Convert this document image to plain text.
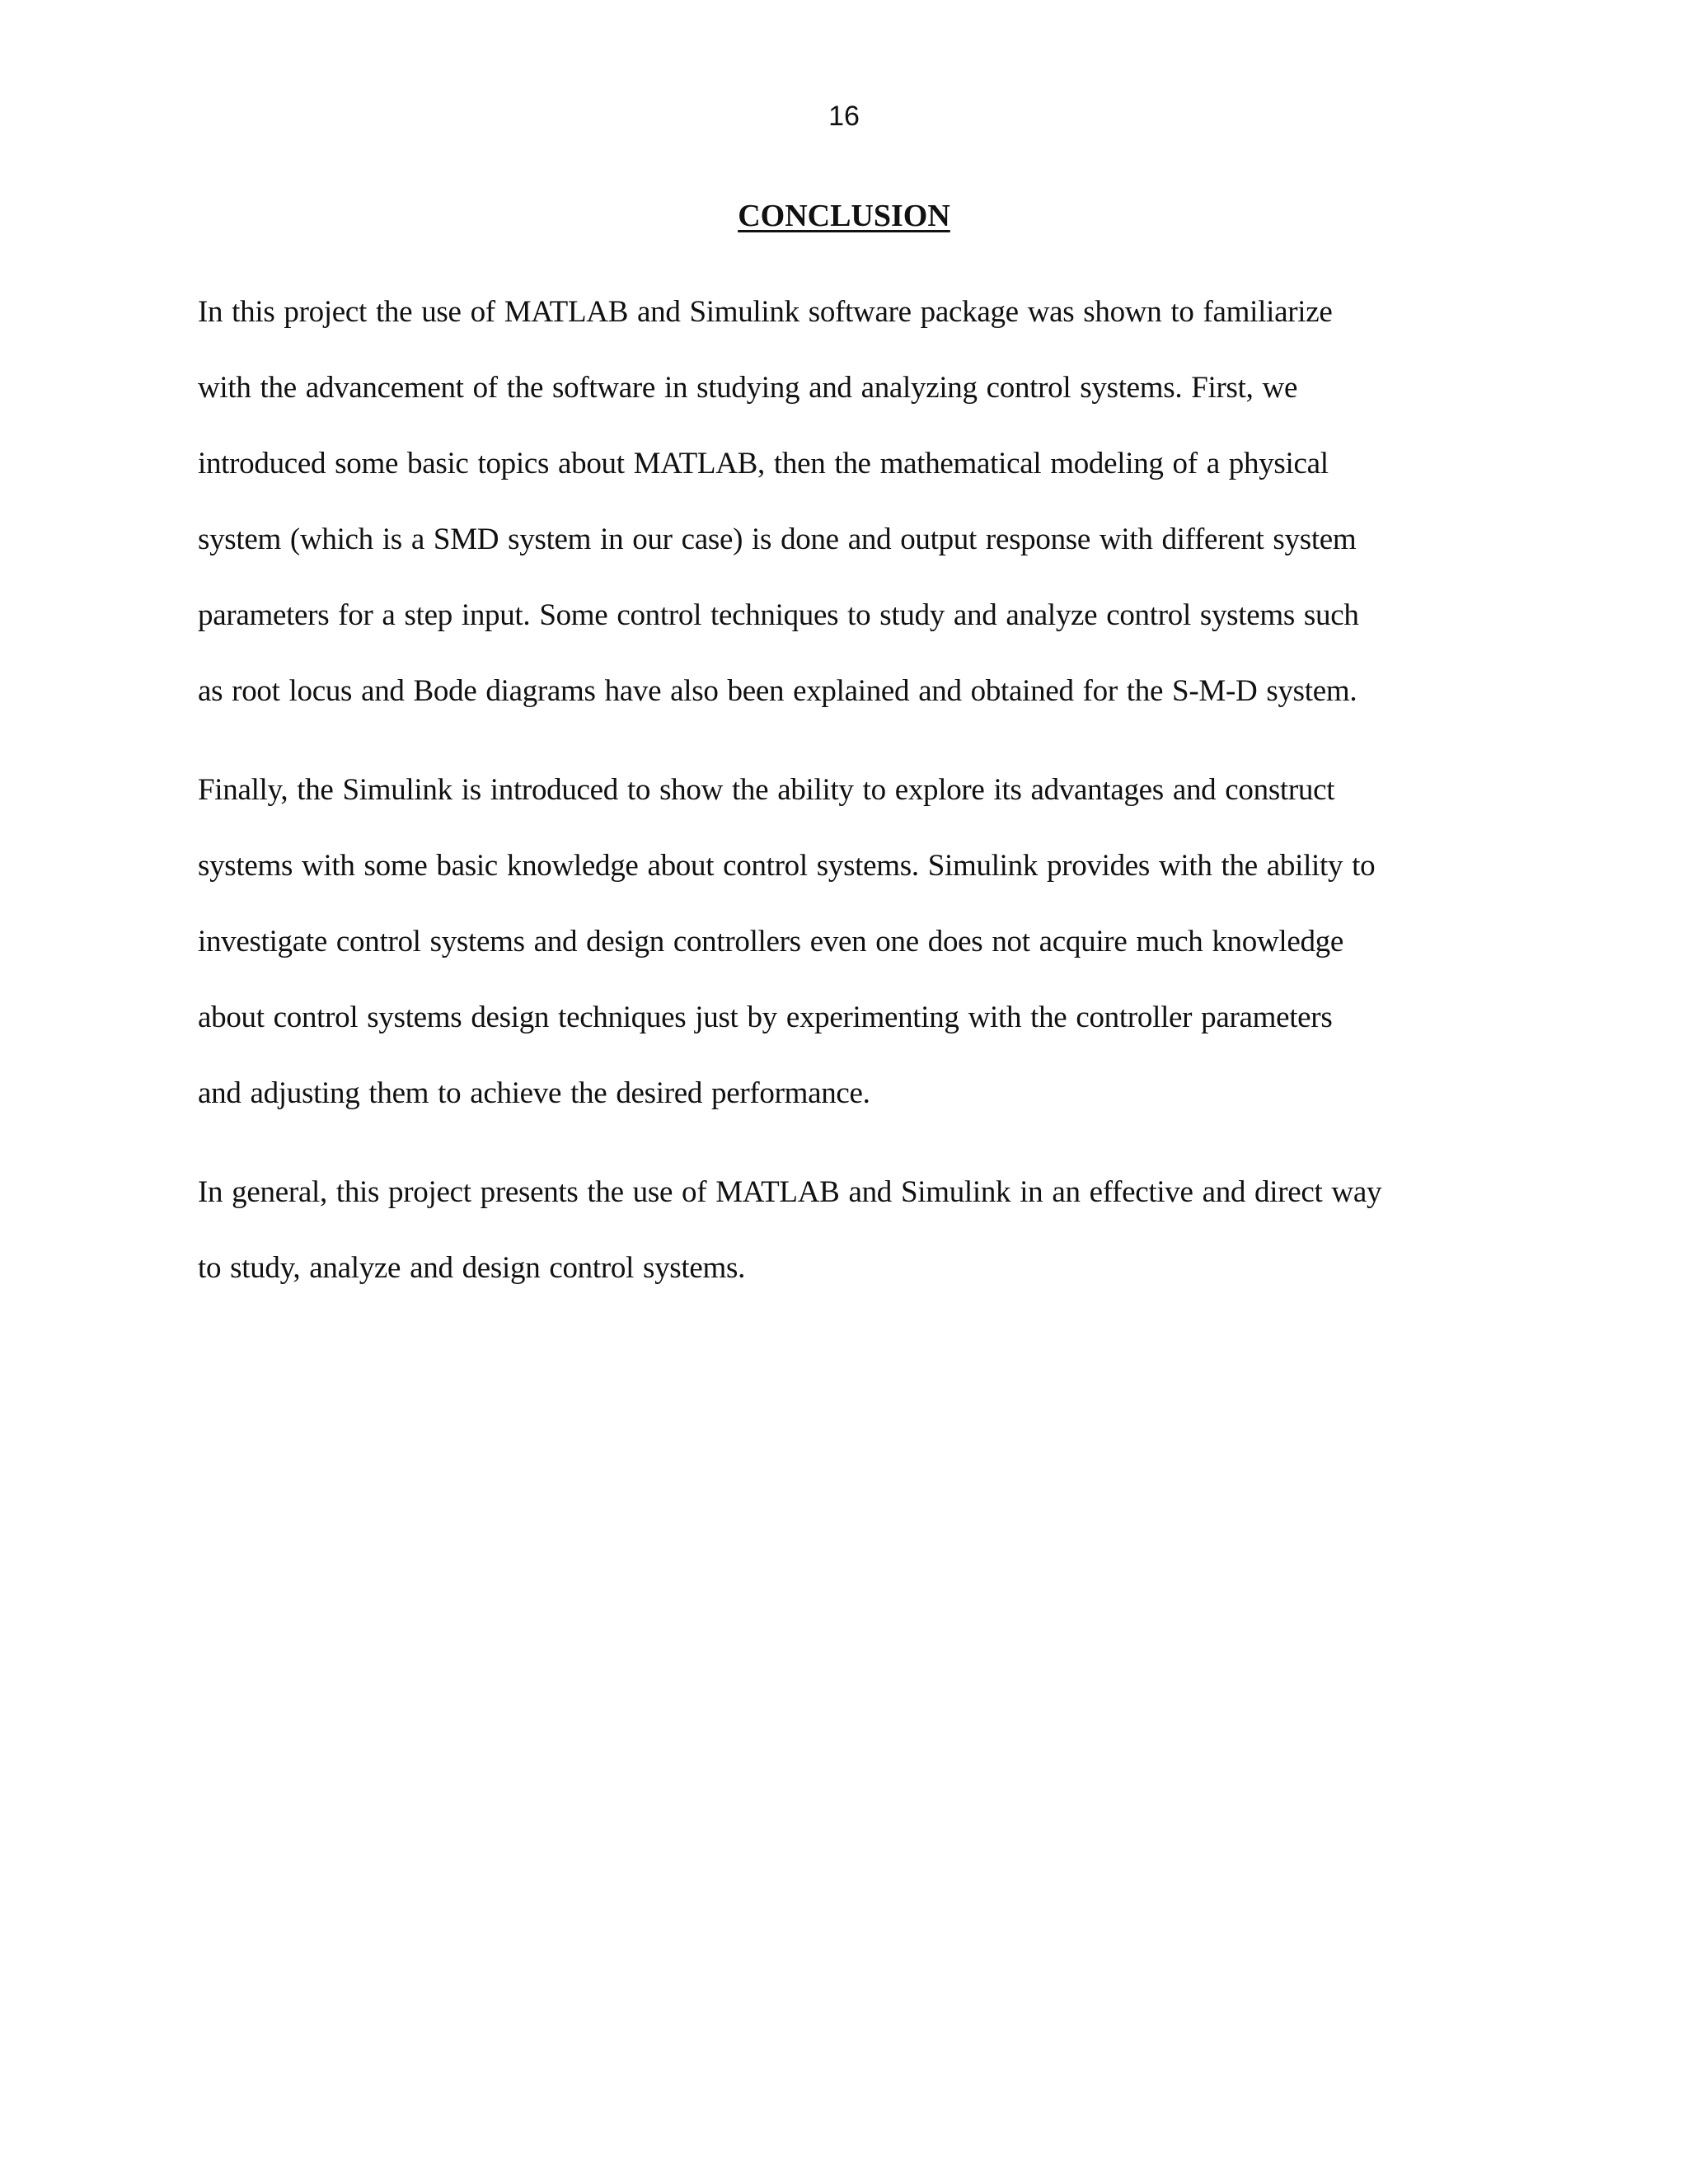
16
CONCLUSION
In this project the use of MATLAB and Simulink software package was shown to familiarize
with the advancement of the software in studying and analyzing control systems. First, we
introduced some basic topics about MATLAB, then the mathematical modeling of a physical
system (which is a SMD system in our case) is done and output response with different system
parameters for a step input. Some control techniques to study and analyze control systems such
as root locus and Bode diagrams have also been explained and obtained for the S-M-D system.
Finally, the Simulink is introduced to show the ability to explore its advantages and construct
systems with some basic knowledge about control systems. Simulink provides with the ability to
investigate control systems and design controllers even one does not acquire much knowledge
about control systems design techniques just by experimenting with the controller parameters
and adjusting them to achieve the desired performance.
In general, this project presents the use of MATLAB and Simulink in an effective and direct way
to study, analyze and design control systems.
